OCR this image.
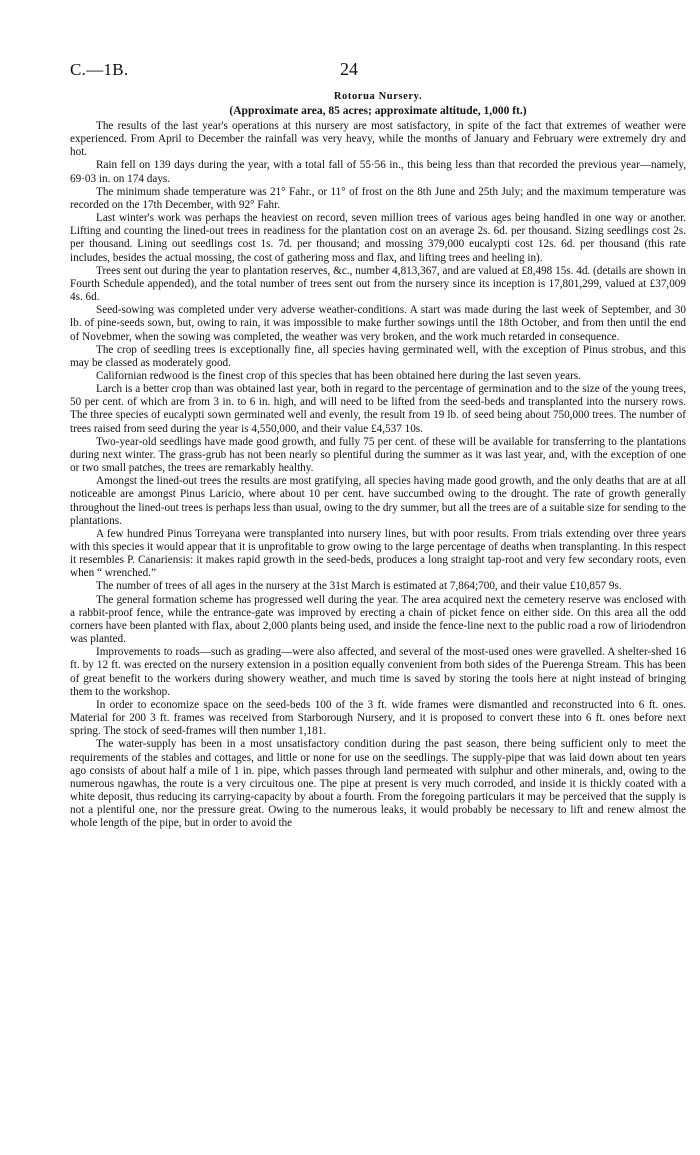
C.—1B.	24
Rotorua Nursery.
(Approximate area, 85 acres; approximate altitude, 1,000 ft.)

The results of the last year's operations at this nursery are most satisfactory, in spite of the fact that extremes of weather were experienced. From April to December the rainfall was very heavy, while the months of January and February were extremely dry and hot.

Rain fell on 139 days during the year, with a total fall of 55·56 in., this being less than that recorded the previous year—namely, 69·03 in. on 174 days.

The minimum shade temperature was 21° Fahr., or 11° of frost on the 8th June and 25th July; and the maximum temperature was recorded on the 17th December, with 92° Fahr.

Last winter's work was perhaps the heaviest on record, seven million trees of various ages being handled in one way or another. Lifting and counting the lined-out trees in readiness for the plantation cost on an average 2s. 6d. per thousand. Sizing seedlings cost 2s. per thousand. Lining out seedlings cost 1s. 7d. per thousand; and mossing 379,000 eucalypti cost 12s. 6d. per thousand (this rate includes, besides the actual mossing, the cost of gathering moss and flax, and lifting trees and heeling in).

Trees sent out during the year to plantation reserves, &c., number 4,813,367, and are valued at £8,498 15s. 4d. (details are shown in Fourth Schedule appended), and the total number of trees sent out from the nursery since its inception is 17,801,299, valued at £37,009 4s. 6d.

Seed-sowing was completed under very adverse weather-conditions. A start was made during the last week of September, and 30 lb. of pine-seeds sown, but, owing to rain, it was impossible to make further sowings until the 18th October, and from then until the end of Novebmer, when the sowing was completed, the weather was very broken, and the work much retarded in consequence.

The crop of seedling trees is exceptionally fine, all species having germinated well, with the exception of Pinus strobus, and this may be classed as moderately good.

Californian redwood is the finest crop of this species that has been obtained here during the last seven years.

Larch is a better crop than was obtained last year, both in regard to the percentage of germination and to the size of the young trees, 50 per cent. of which are from 3 in. to 6 in. high, and will need to be lifted from the seed-beds and transplanted into the nursery rows. The three species of eucalypti sown germinated well and evenly, the result from 19 lb. of seed being about 750,000 trees. The number of trees raised from seed during the year is 4,550,000, and their value £4,537 10s.

Two-year-old seedlings have made good growth, and fully 75 per cent. of these will be available for transferring to the plantations during next winter. The grass-grub has not been nearly so plentiful during the summer as it was last year, and, with the exception of one or two small patches, the trees are remarkably healthy.

Amongst the lined-out trees the results are most gratifying, all species having made good growth, and the only deaths that are at all noticeable are amongst Pinus Laricio, where about 10 per cent. have succumbed owing to the drought. The rate of growth generally throughout the lined-out trees is perhaps less than usual, owing to the dry summer, but all the trees are of a suitable size for sending to the plantations.

A few hundred Pinus Torreyana were transplanted into nursery lines, but with poor results. From trials extending over three years with this species it would appear that it is unprofitable to grow owing to the large percentage of deaths when transplanting. In this respect it resembles P. Canariensis: it makes rapid growth in the seed-beds, produces a long straight tap-root and very few secondary roots, even when “ wrenched.”

The number of trees of all ages in the nursery at the 31st March is estimated at 7,864;700, and their value £10,857 9s.

The general formation scheme has progressed well during the year. The area acquired next the cemetery reserve was enclosed with a rabbit-proof fence, while the entrance-gate was improved by erecting a chain of picket fence on either side. On this area all the odd corners have been planted with flax, about 2,000 plants being used, and inside the fence-line next to the public road a row of liriodendron was planted.

Improvements to roads—such as grading—were also affected, and several of the most-used ones were gravelled. A shelter-shed 16 ft. by 12 ft. was erected on the nursery extension in a position equally convenient from both sides of the Puerenga Stream. This has been of great benefit to the workers during showery weather, and much time is saved by storing the tools here at night instead of bringing them to the workshop.

In order to economize space on the seed-beds 100 of the 3 ft. wide frames were dismantled and reconstructed into 6 ft. ones. Material for 200 3 ft. frames was received from Starborough Nursery, and it is proposed to convert these into 6 ft. ones before next spring. The stock of seed-frames will then number 1,181.

The water-supply has been in a most unsatisfactory condition during the past season, there being sufficient only to meet the requirements of the stables and cottages, and little or none for use on the seedlings. The supply-pipe that was laid down about ten years ago consists of about half a mile of 1 in. pipe, which passes through land permeated with sulphur and other minerals, and, owing to the numerous ngawhas, the route is a very circuitous one. The pipe at present is very much corroded, and inside it is thickly coated with a white deposit, thus reducing its carrying-capacity by about a fourth. From the foregoing particulars it may be perceived that the supply is not a plentiful one, nor the pressure great. Owing to the numerous leaks, it would probably be necessary to lift and renew almost the whole length of the pipe, but in order to avoid the
